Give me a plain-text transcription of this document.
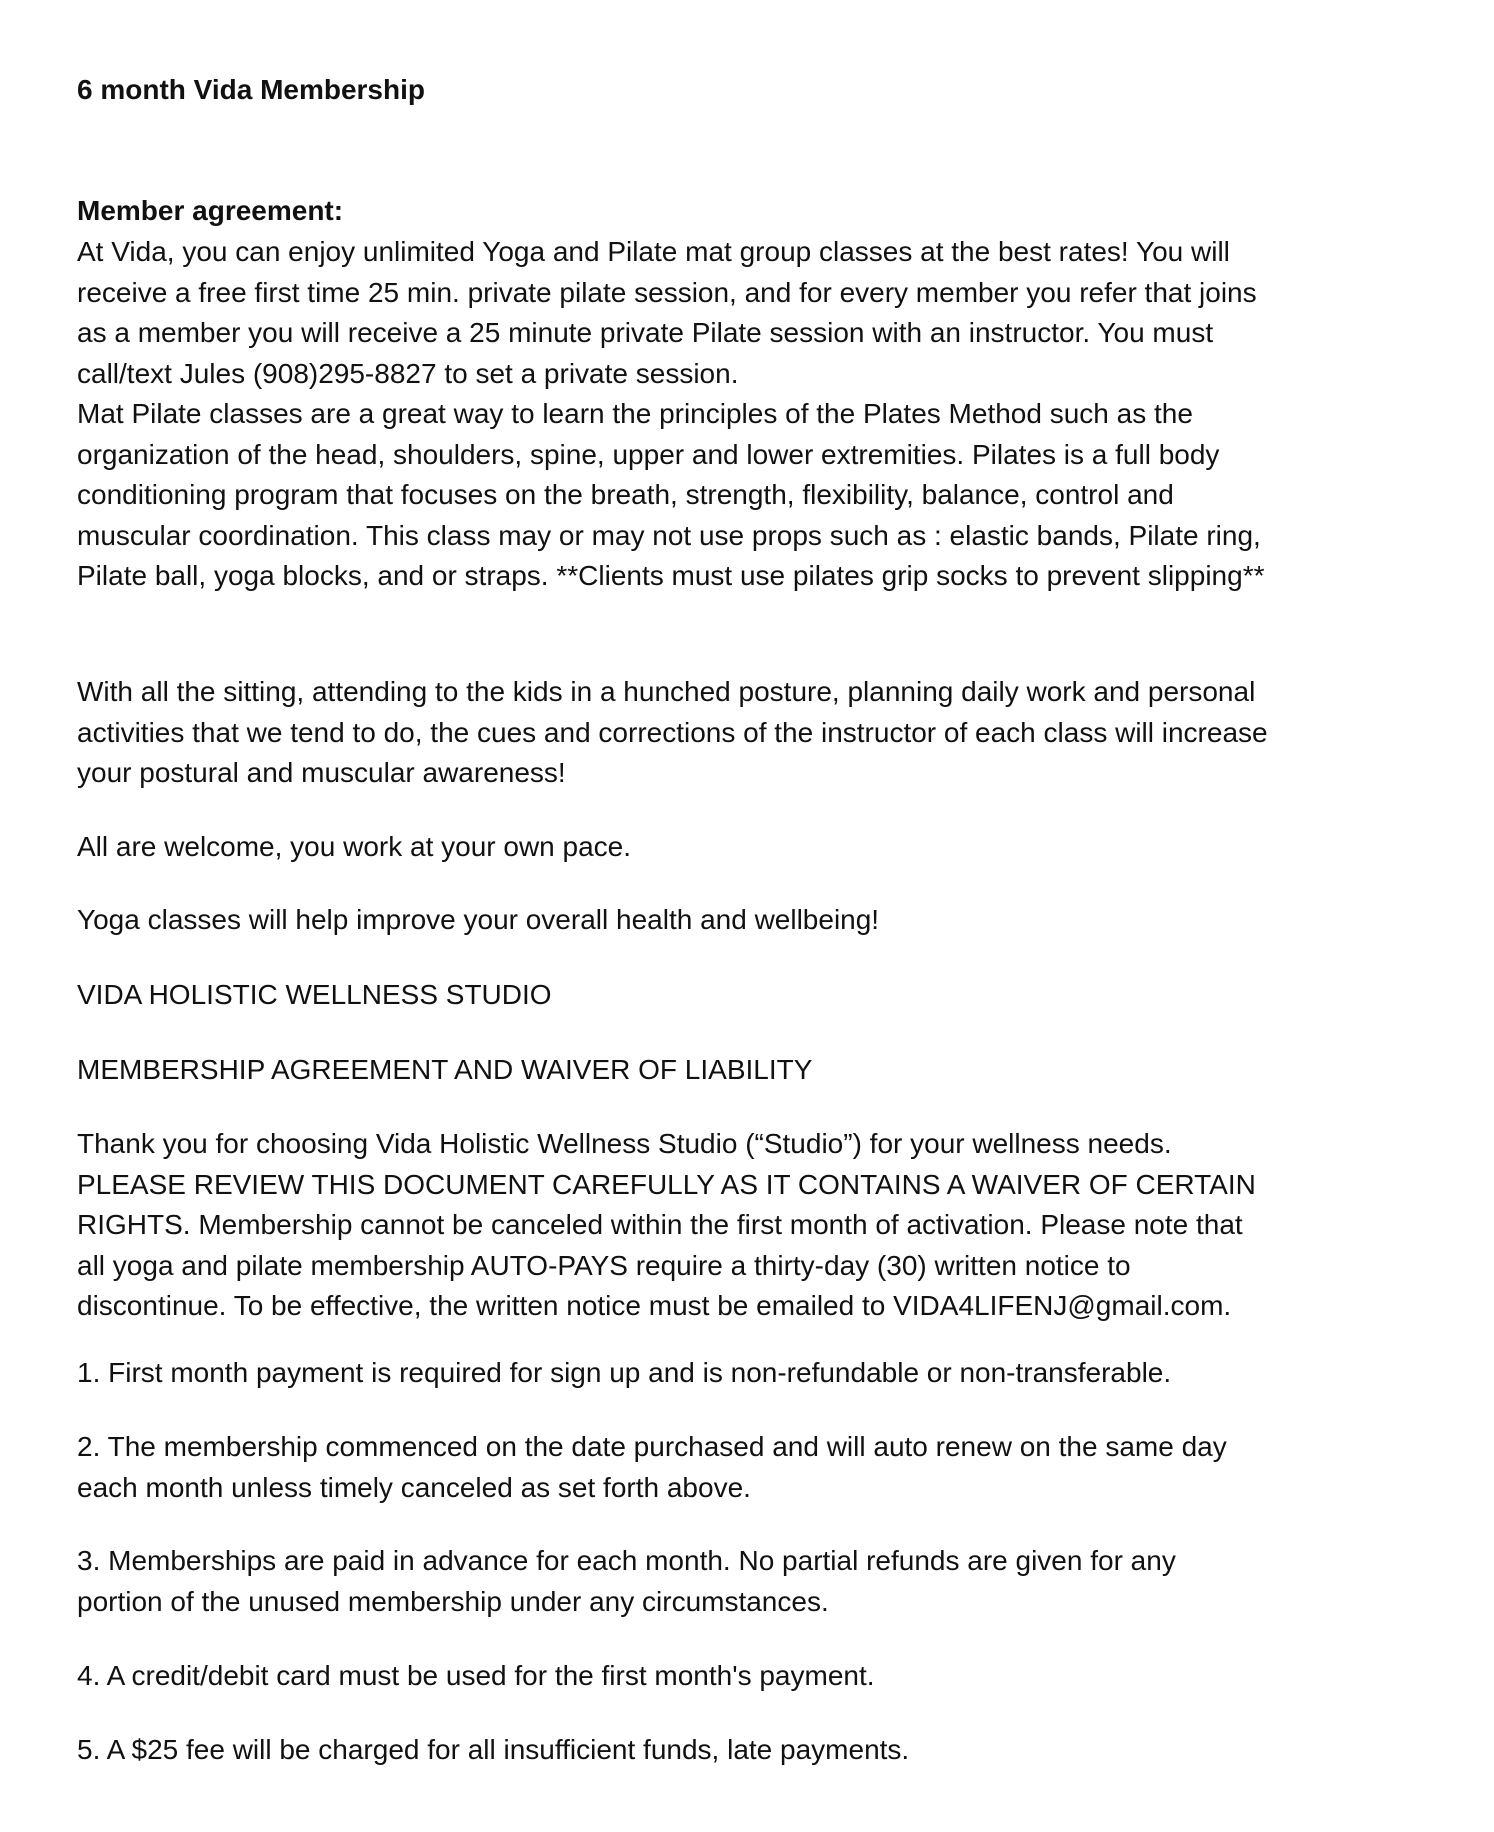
6 month Vida Membership
Member agreement:

At Vida, you can enjoy unlimited Yoga and Pilate mat group classes at the best rates! You will
receive a free first time 25 min. private pilate session, and for every member you refer that joins
as a member you will receive a 25 minute private Pilate session with an instructor. You must
call/text Jules (908)295-8827 to set a private session.
Mat Pilate classes are a great way to learn the principles of the Plates Method such as the
organization of the head, shoulders, spine, upper and lower extremities. Pilates is a full body
conditioning program that focuses on the breath, strength, flexibility, balance, control and
muscular coordination. This class may or may not use props such as : elastic bands, Pilate ring,
Pilate ball, yoga blocks, and or straps. **Clients must use pilates grip socks to prevent slipping**

With all the sitting, attending to the kids in a hunched posture, planning daily work and personal
activities that we tend to do, the cues and corrections of the instructor of each class will increase
your postural and muscular awareness!

All are welcome, you work at your own pace.

Yoga classes will help improve your overall health and wellbeing!

VIDA HOLISTIC WELLNESS STUDIO

MEMBERSHIP AGREEMENT AND WAIVER OF LIABILITY

Thank you for choosing Vida Holistic Wellness Studio (“Studio”) for your wellness needs.
PLEASE REVIEW THIS DOCUMENT CAREFULLY AS IT CONTAINS A WAIVER OF CERTAIN
RIGHTS. Membership cannot be canceled within the first month of activation. Please note that
all yoga and pilate membership AUTO-PAYS require a thirty-day (30) written notice to
discontinue. To be effective, the written notice must be emailed to VIDA4LIFENJ@gmail.com.

1. First month payment is required for sign up and is non-refundable or non-transferable.

2. The membership commenced on the date purchased and will auto renew on the same day
each month unless timely canceled as set forth above.

3. Memberships are paid in advance for each month. No partial refunds are given for any
portion of the unused membership under any circumstances.

4. A credit/debit card must be used for the first month's payment.

5. A $25 fee will be charged for all insufficient funds, late payments.
